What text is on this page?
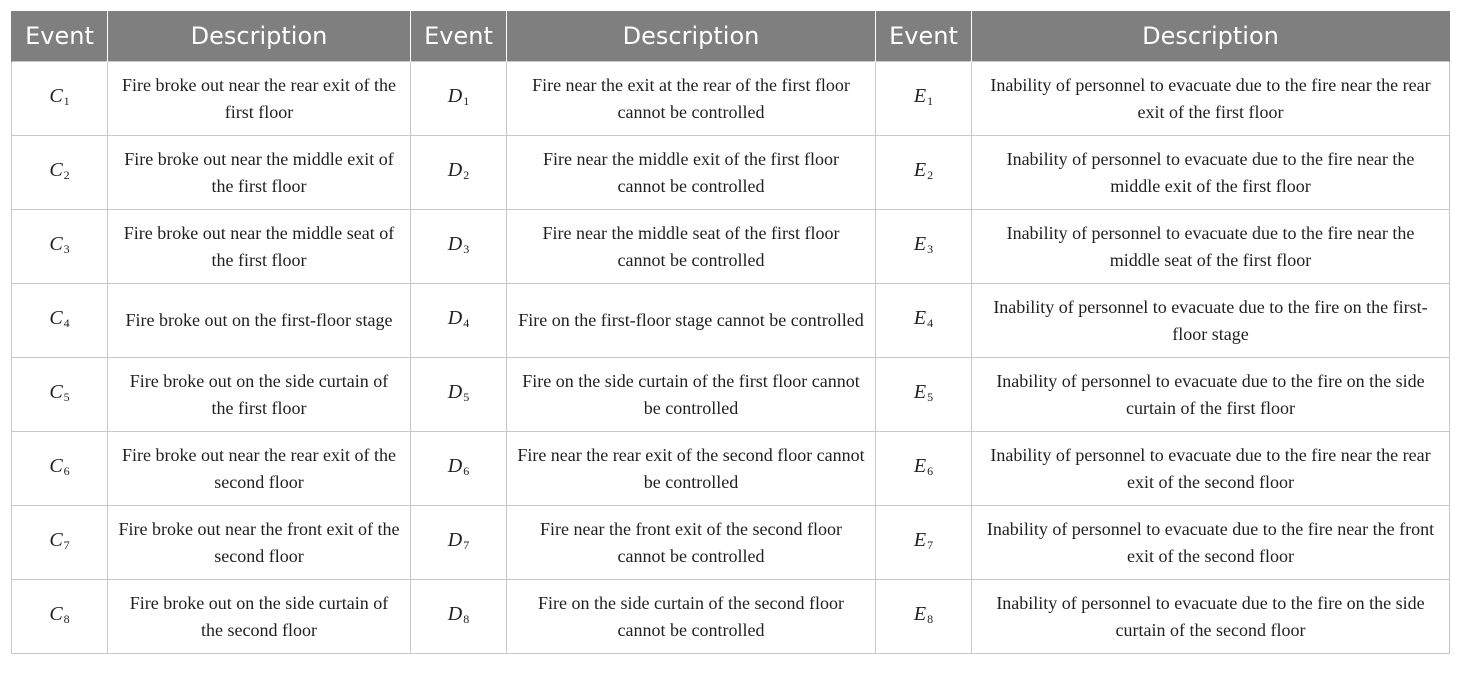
Event	Description	Event	Description	Event	Description
$C_1$	Fire broke out near the rear exit of the first floor	$D_1$	Fire near the exit at the rear of the first floor cannot be controlled	$E_1$	Inability of personnel to evacuate due to the fire near the rear exit of the first floor
$C_2$	Fire broke out near the middle exit of the first floor	$D_2$	Fire near the middle exit of the first floor cannot be controlled	$E_2$	Inability of personnel to evacuate due to the fire near the middle exit of the first floor
$C_3$	Fire broke out near the middle seat of the first floor	$D_3$	Fire near the middle seat of the first floor cannot be controlled	$E_3$	Inability of personnel to evacuate due to the fire near the middle seat of the first floor
$C_4$	Fire broke out on the first-floor stage	$D_4$	Fire on the first-floor stage cannot be controlled	$E_4$	Inability of personnel to evacuate due to the fire on the first-floor stage
$C_5$	Fire broke out on the side curtain of the first floor	$D_5$	Fire on the side curtain of the first floor cannot be controlled	$E_5$	Inability of personnel to evacuate due to the fire on the side curtain of the first floor
$C_6$	Fire broke out near the rear exit of the second floor	$D_6$	Fire near the rear exit of the second floor cannot be controlled	$E_6$	Inability of personnel to evacuate due to the fire near the rear exit of the second floor
$C_7$	Fire broke out near the front exit of the second floor	$D_7$	Fire near the front exit of the second floor cannot be controlled	$E_7$	Inability of personnel to evacuate due to the fire near the front exit of the second floor
$C_8$	Fire broke out on the side curtain of the second floor	$D_8$	Fire on the side curtain of the second floor cannot be controlled	$E_8$	Inability of personnel to evacuate due to the fire on the side curtain of the second floor
